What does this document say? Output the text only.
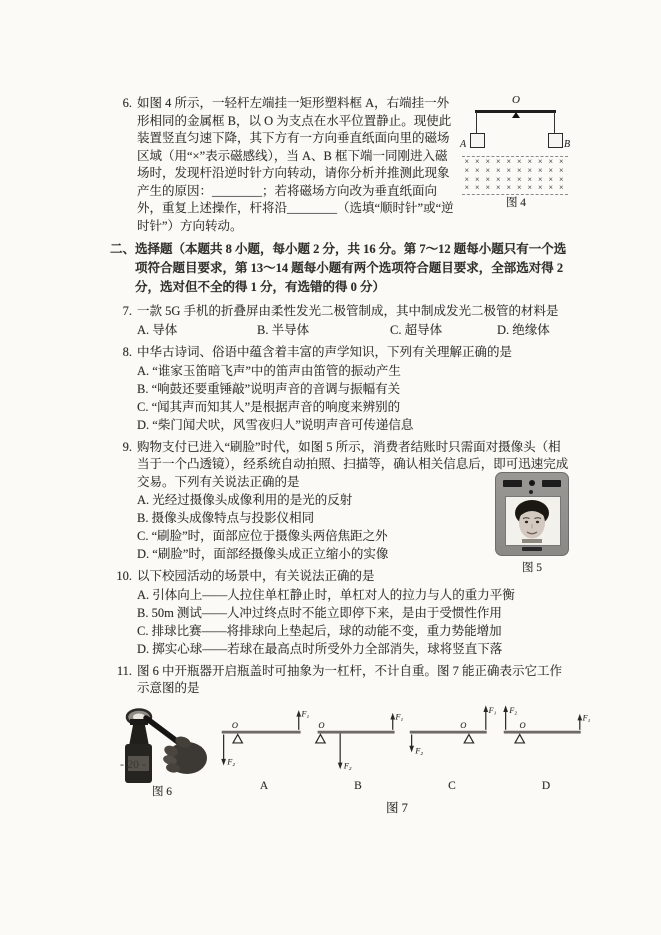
6. 如图 4 所示，一轻杆左端挂一矩形塑料框 A，右端挂一外形相同的金属框 B，以 O 为支点在水平位置静止。现使此装置竖直匀速下降，其下方有一方向垂直纸面向里的磁场区域（用“×”表示磁感线），当 A、B 框下端一同刚进入磁场时，发现杆沿逆时针方向转动，请你分析并推测此现象产生的原因：________；若将磁场方向改为垂直纸面向外，重复上述操作，杆将沿________（选填“顺时针”或“逆时针”）方向转动。
O
A	B
× × × × × × × × × ×
× × × × × × × × × ×
× × × × × × × × × ×
× × × × × × × × × ×
图 4
二、选择题（本题共 8 小题，每小题 2 分，共 16 分。第 7～12 题每小题只有一个选项符合题目要求，第 13～14 题每小题有两个选项符合题目要求，全部选对得 2 分，选对但不全的得 1 分，有选错的得 0 分）
7. 一款 5G 手机的折叠屏由柔性发光二极管制成，其中制成发光二极管的材料是
A. 导体	B. 半导体	C. 超导体	D. 绝缘体
8. 中华古诗词、俗语中蕴含着丰富的声学知识，下列有关理解正确的是
A. “谁家玉笛暗飞声”中的笛声由笛管的振动产生
B. “响鼓还要重锤敲”说明声音的音调与振幅有关
C. “闻其声而知其人”是根据声音的响度来辨别的
D. “柴门闻犬吠，风雪夜归人”说明声音可传递信息
9. 购物支付已进入“刷脸”时代，如图 5 所示，消费者结账时只需面对摄像头（相当于一个凸透镜），经系统自动拍照、扫描等，确认相关信息后，即可迅速完成交易。下列有关说法正确的是
A. 光经过摄像头成像利用的是光的反射
B. 摄像头成像特点与投影仪相同
C. “刷脸”时，面部应位于摄像头两倍焦距之外
D. “刷脸”时，面部经摄像头成正立缩小的实像
图 5
10. 以下校园活动的场景中，有关说法正确的是
A. 引体向上——人拉住单杠静止时，单杠对人的拉力与人的重力平衡
B. 50m 测试——人冲过终点时不能立即停下来，是由于受惯性作用
C. 排球比赛——将排球向上垫起后，球的动能不变，重力势能增加
D. 掷实心球——若球在最高点时所受外力全部消失，球将竖直下落
11. 图 6 中开瓶器开启瓶盖时可抽象为一杠杆，不计自重。图 7 能正确表示它工作示意图的是
图 6
F₂
O
F₁
A
O
F₂
F₁
B
F₂
O
F₁
C
F₂
O
F₁
D
图 7
- 20 -
